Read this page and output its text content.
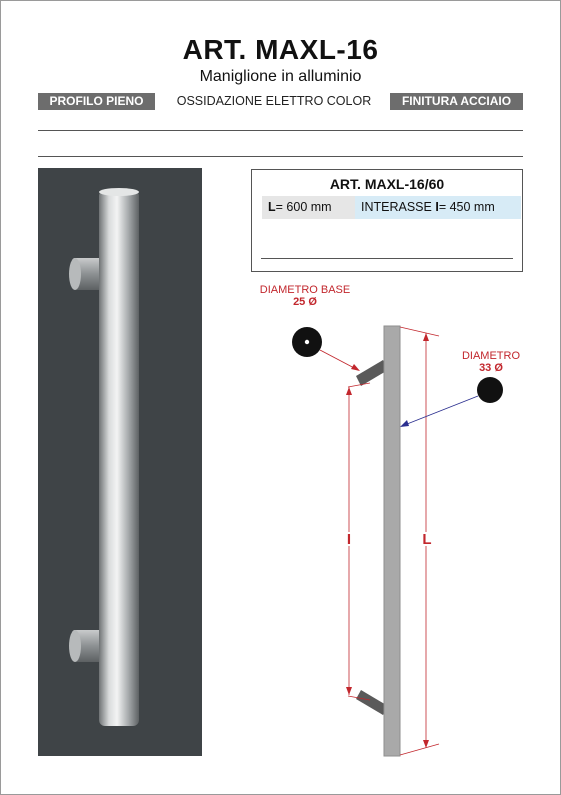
ART. MAXL-16
Maniglione in alluminio
PROFILO PIENO	OSSIDAZIONE ELETTRO COLOR	FINITURA ACCIAIO
ART. MAXL-16/60
L= 600 mm	INTERASSE I= 450 mm
DIAMETRO BASE
25 Ø
DIAMETRO
33 Ø
L
I
